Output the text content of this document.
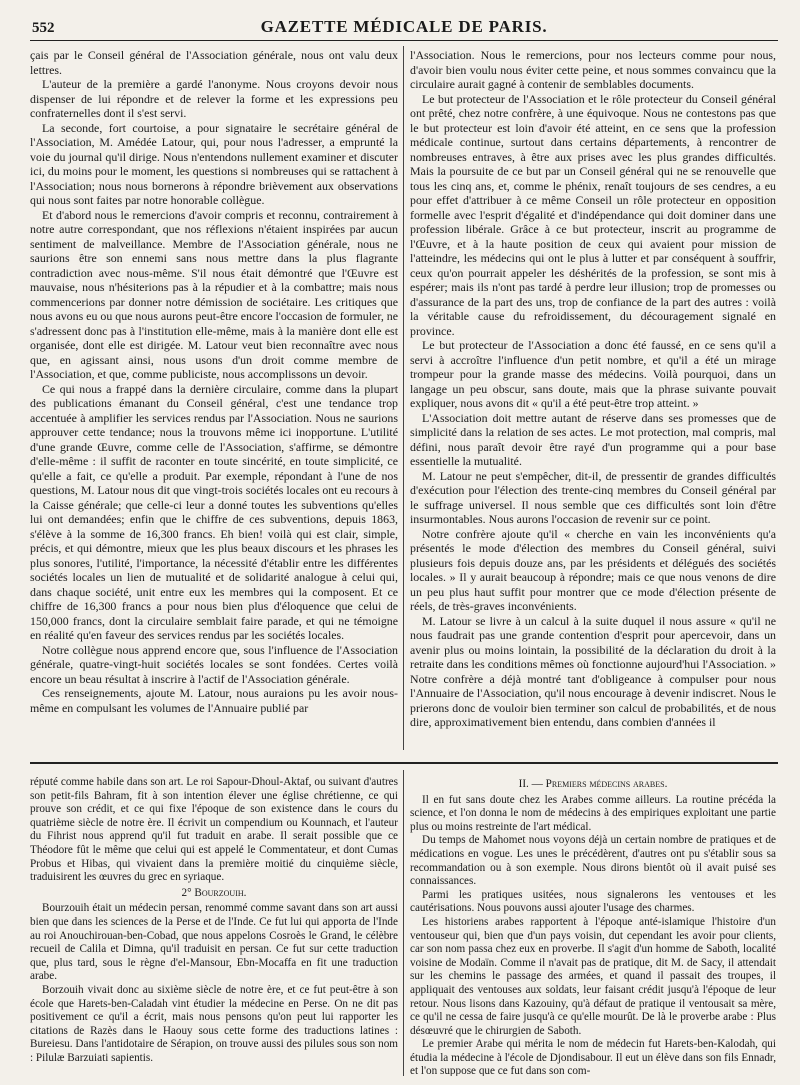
552	GAZETTE MÉDICALE DE PARIS.

çais par le Conseil général de l'Association générale, nous ont valu deux lettres.

L'auteur de la première a gardé l'anonyme. Nous croyons devoir nous dispenser de lui répondre et de relever la forme et les expressions peu confraternelles dont il s'est servi.

La seconde, fort courtoise, a pour signataire le secrétaire général de l'Association, M. Amédée Latour, qui, pour nous l'adresser, a emprunté la voie du journal qu'il dirige. Nous n'entendons nullement examiner et discuter ici, du moins pour le moment, les questions si nombreuses qui se rattachent à l'Association; nous nous bornerons à répondre brièvement aux observations qui nous sont faites par notre honorable collègue.

Et d'abord nous le remercions d'avoir compris et reconnu, contrairement à notre autre correspondant, que nos réflexions n'étaient inspirées par aucun sentiment de malveillance. Membre de l'Association générale, nous ne saurions être son ennemi sans nous mettre dans la plus flagrante contradiction avec nous-même. S'il nous était démontré que l'Œuvre est mauvaise, nous n'hésiterions pas à la répudier et à la combattre; mais nous commencerions par donner notre démission de sociétaire. Les critiques que nous avons eu ou que nous aurons peut-être encore l'occasion de formuler, ne s'adressent donc pas à l'institution elle-même, mais à la manière dont elle est organisée, dont elle est dirigée. M. Latour veut bien reconnaître avec nous que, en agissant ainsi, nous usons d'un droit comme membre de l'Association, et que, comme publiciste, nous accomplissons un devoir.

Ce qui nous a frappé dans la dernière circulaire, comme dans la plupart des publications émanant du Conseil général, c'est une tendance trop accentuée à amplifier les services rendus par l'Association. Nous ne saurions approuver cette tendance; nous la trouvons même ici inopportune. L'utilité d'une grande Œuvre, comme celle de l'Association, s'affirme, se démontre d'elle-même : il suffit de raconter en toute sincérité, en toute simplicité, ce qu'elle a fait, ce qu'elle a produit. Par exemple, répondant à l'une de nos questions, M. Latour nous dit que vingt-trois sociétés locales ont eu recours à la Caisse générale; que celle-ci leur a donné toutes les subventions qu'elles lui ont demandées; enfin que le chiffre de ces subventions, depuis 1863, s'élève à la somme de 16,300 francs. Eh bien! voilà qui est clair, simple, précis, et qui démontre, mieux que les plus beaux discours et les phrases les plus sonores, l'utilité, l'importance, la nécessité d'établir entre les différentes sociétés locales un lien de mutualité et de solidarité analogue à celui qui, dans chaque société, unit entre eux les membres qui la composent. Et ce chiffre de 16,300 francs a pour nous bien plus d'éloquence que celui de 150,000 francs, dont la circulaire semblait faire parade, et qui ne témoigne en réalité qu'en faveur des services rendus par les sociétés locales.

Notre collègue nous apprend encore que, sous l'influence de l'Association générale, quatre-vingt-huit sociétés locales se sont fondées. Certes voilà encore un beau résultat à inscrire à l'actif de l'Association générale.

Ces renseignements, ajoute M. Latour, nous auraions pu les avoir nous-même en compulsant les volumes de l'Annuaire publié par

l'Association. Nous le remercions, pour nos lecteurs comme pour nous, d'avoir bien voulu nous éviter cette peine, et nous sommes convaincu que la circulaire aurait gagné à contenir de semblables documents.

Le but protecteur de l'Association et le rôle protecteur du Conseil général ont prêté, chez notre confrère, à une équivoque. Nous ne contestons pas que le but protecteur est loin d'avoir été atteint, en ce sens que la profession médicale continue, surtout dans certains départements, à rencontrer de nombreuses entraves, à être aux prises avec les plus grandes difficultés. Mais la poursuite de ce but par un Conseil général qui ne se renouvelle que tous les cinq ans, et, comme le phénix, renaît toujours de ses cendres, a eu pour effet d'attribuer à ce même Conseil un rôle protecteur en opposition formelle avec l'esprit d'égalité et d'indépendance qui doit dominer dans une profession libérale. Grâce à ce but protecteur, inscrit au programme de l'Œuvre, et à la haute position de ceux qui avaient pour mission de l'atteindre, les médecins qui ont le plus à lutter et par conséquent à souffrir, ceux qu'on pourrait appeler les déshérités de la profession, se sont mis à espérer; mais ils n'ont pas tardé à perdre leur illusion; trop de promesses ou d'assurance de la part des uns, trop de confiance de la part des autres : voilà la véritable cause du refroidissement, du découragement signalé en province.

Le but protecteur de l'Association a donc été faussé, en ce sens qu'il a servi à accroître l'influence d'un petit nombre, et qu'il a été un mirage trompeur pour la grande masse des médecins. Voilà pourquoi, dans un langage un peu obscur, sans doute, mais que la phrase suivante pouvait expliquer, nous avons dit « qu'il a été peut-être trop atteint. »

L'Association doit mettre autant de réserve dans ses promesses que de simplicité dans la relation de ses actes. Le mot protection, mal compris, mal défini, nous paraît devoir être rayé d'un programme qui a pour base essentielle la mutualité.

M. Latour ne peut s'empêcher, dit-il, de pressentir de grandes difficultés d'exécution pour l'élection des trente-cinq membres du Conseil général par le suffrage universel. Il nous semble que ces difficultés sont loin d'être insurmontables. Nous aurons l'occasion de revenir sur ce point.

Notre confrère ajoute qu'il « cherche en vain les inconvénients qu'a présentés le mode d'élection des membres du Conseil général, suivi plusieurs fois depuis douze ans, par les présidents et délégués des sociétés locales. » Il y aurait beaucoup à répondre; mais ce que nous venons de dire un peu plus haut suffit pour montrer que ce mode d'élection présente de réels, de très-graves inconvénients.

M. Latour se livre à un calcul à la suite duquel il nous assure « qu'il ne nous faudrait pas une grande contention d'esprit pour apercevoir, dans un avenir plus ou moins lointain, la possibilité de la déclaration du droit à la retraite dans les conditions mêmes où fonctionne aujourd'hui l'Association. » Notre confrère a déjà montré tant d'obligeance à compulser pour nous l'Annuaire de l'Association, qu'il nous encourage à devenir indiscret. Nous le prierons donc de vouloir bien terminer son calcul de probabilités, et de nous dire, approximativement bien entendu, dans combien d'années il

réputé comme habile dans son art. Le roi Sapour-Dhoul-Aktaf, ou suivant d'autres son petit-fils Bahram, fit à son intention élever une église chrétienne, ce qui prouve son crédit, et ce qui fixe l'époque de son existence dans le cours du quatrième siècle de notre ère. Il écrivit un compendium ou Kounnach, et l'auteur du Fihrist nous apprend qu'il fut traduit en arabe. Il serait possible que ce Théodore fût le même que celui qui est appelé le Commentateur, et dont Cumas Probus et Hibas, qui vivaient dans la première moitié du cinquième siècle, traduisirent les œuvres du grec en syriaque.

2° Bourzouih.

Bourzouih était un médecin persan, renommé comme savant dans son art aussi bien que dans les sciences de la Perse et de l'Inde. Ce fut lui qui apporta de l'Inde au roi Anouchirouan-ben-Cobad, que nous appelons Cosroès le Grand, le célèbre recueil de Calila et Dimna, qu'il traduisit en persan. Ce fut sur cette traduction que, plus tard, sous le règne d'el-Mansour, Ebn-Mocaffa en fit une traduction arabe.

Borzouih vivait donc au sixième siècle de notre ère, et ce fut peut-être à son école que Harets-ben-Caladah vint étudier la médecine en Perse. On ne dit pas positivement ce qu'il a écrit, mais nous pensons qu'on peut lui rapporter les citations de Razès dans le Haouy sous cette forme des traductions latines : Bureiesu. Dans l'antidotaire de Sérapion, on trouve aussi des pilules sous son nom : Pilulæ Barzuiati sapientis.

II. — Premiers médecins arabes.

Il en fut sans doute chez les Arabes comme ailleurs. La routine précéda la science, et l'on donna le nom de médecins à des empiriques exploitant une partie plus ou moins restreinte de l'art médical.

Du temps de Mahomet nous voyons déjà un certain nombre de pratiques et de médications en vogue. Les unes le précédèrent, d'autres ont pu s'établir sous sa recommandation ou à son exemple. Nous dirons bientôt où il avait puisé ses connaissances.

Parmi les pratiques usitées, nous signalerons les ventouses et les cautérisations. Nous pouvons aussi ajouter l'usage des charmes.

Les historiens arabes rapportent à l'époque anté-islamique l'histoire d'un ventouseur qui, bien que d'un pays voisin, dut cependant les avoir pour clients, car son nom passa chez eux en proverbe. Il s'agit d'un homme de Saboth, localité voisine de Modaïn. Comme il n'avait pas de pratique, dit M. de Sacy, il attendait sur les chemins le passage des armées, et quand il passait des troupes, il appliquait des ventouses aux soldats, leur faisant crédit jusqu'à l'époque de leur retour. Nous lisons dans Kazouiny, qu'à défaut de pratique il ventousait sa mère, ce qu'il ne cessa de faire jusqu'à ce qu'elle mourût. De là le proverbe arabe : Plus désœuvré que le chirurgien de Saboth.

Le premier Arabe qui mérita le nom de médecin fut Harets-ben-Kalodah, qui étudia la médecine à l'école de Djondisabour. Il eut un élève dans son fils Ennadr, et l'on suppose que ce fut dans son com-
